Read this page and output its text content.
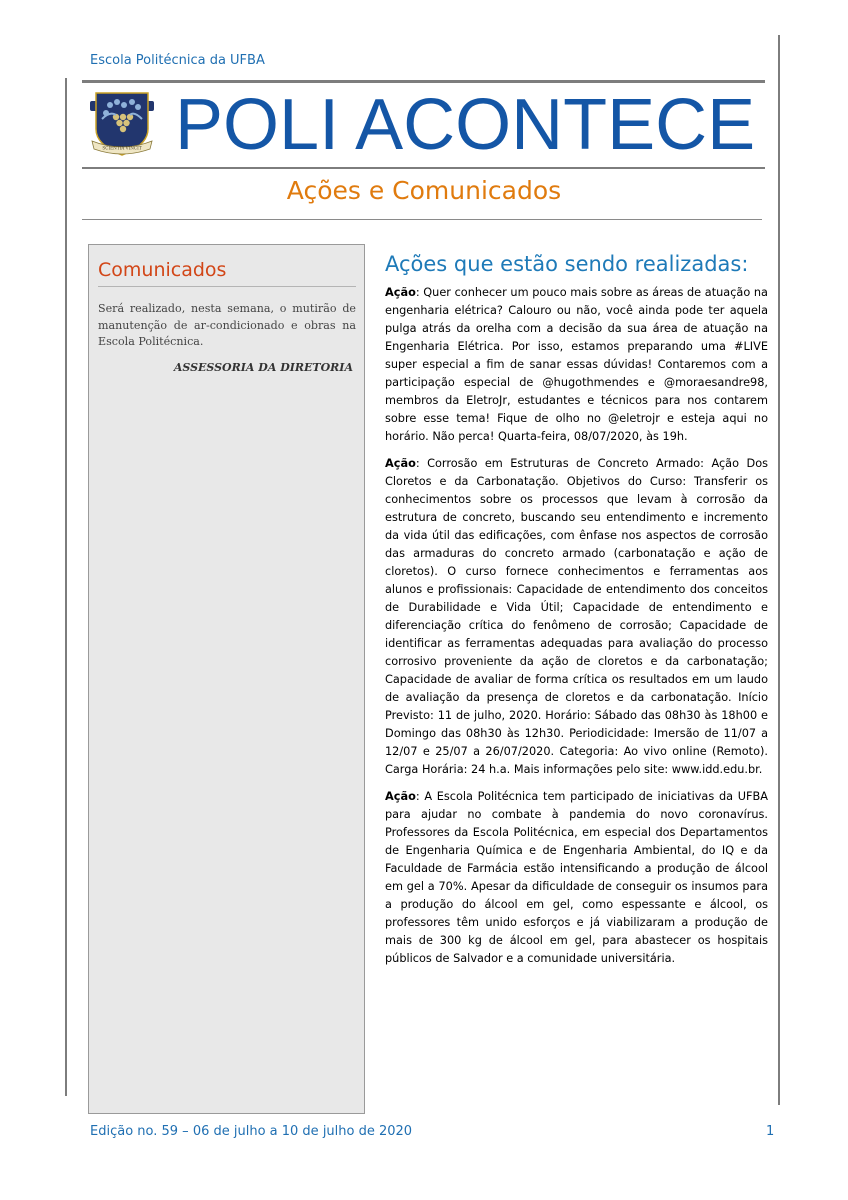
Escola Politécnica da UFBA
SCIENTIA VINCIT POLI ACONTECE
Ações e Comunicados
Comunicados
Será realizado, nesta semana, o mutirão de manutenção de ar-condicionado e obras na Escola Politécnica.
ASSESSORIA DA DIRETORIA
Ações que estão sendo realizadas:

Ação: Quer conhecer um pouco mais sobre as áreas de atuação na engenharia elétrica? Calouro ou não, você ainda pode ter aquela pulga atrás da orelha com a decisão da sua área de atuação na Engenharia Elétrica. Por isso, estamos preparando uma #LIVE super especial a fim de sanar essas dúvidas! Contaremos com a participação especial de @hugothmendes e @moraesandre98, membros da EletroJr, estudantes e técnicos para nos contarem sobre esse tema! Fique de olho no @eletrojr e esteja aqui no horário. Não perca! Quarta-feira, 08/07/2020, às 19h.

Ação: Corrosão em Estruturas de Concreto Armado: Ação Dos Cloretos e da Carbonatação. Objetivos do Curso: Transferir os conhecimentos sobre os processos que levam à corrosão da estrutura de concreto, buscando seu entendimento e incremento da vida útil das edificações, com ênfase nos aspectos de corrosão das armaduras do concreto armado (carbonatação e ação de cloretos). O curso fornece conhecimentos e ferramentas aos alunos e profissionais: Capacidade de entendimento dos conceitos de Durabilidade e Vida Útil; Capacidade de entendimento e diferenciação crítica do fenômeno de corrosão; Capacidade de identificar as ferramentas adequadas para avaliação do processo corrosivo proveniente da ação de cloretos e da carbonatação; Capacidade de avaliar de forma crítica os resultados em um laudo de avaliação da presença de cloretos e da carbonatação. Início Previsto: 11 de julho, 2020. Horário: Sábado das 08h30 às 18h00 e Domingo das 08h30 às 12h30. Periodicidade: Imersão de 11/07 a 12/07 e 25/07 a 26/07/2020. Categoria: Ao vivo online (Remoto). Carga Horária: 24 h.a. Mais informações pelo site: www.idd.edu.br.

Ação: A Escola Politécnica tem participado de iniciativas da UFBA para ajudar no combate à pandemia do novo coronavírus. Professores da Escola Politécnica, em especial dos Departamentos de Engenharia Química e de Engenharia Ambiental, do IQ e da Faculdade de Farmácia estão intensificando a produção de álcool em gel a 70%. Apesar da dificuldade de conseguir os insumos para a produção do álcool em gel, como espessante e álcool, os professores têm unido esforços e já viabilizaram a produção de mais de 300 kg de álcool em gel, para abastecer os hospitais públicos de Salvador e a comunidade universitária.

Edição no. 59 – 06 de julho a 10 de julho de 2020	1
